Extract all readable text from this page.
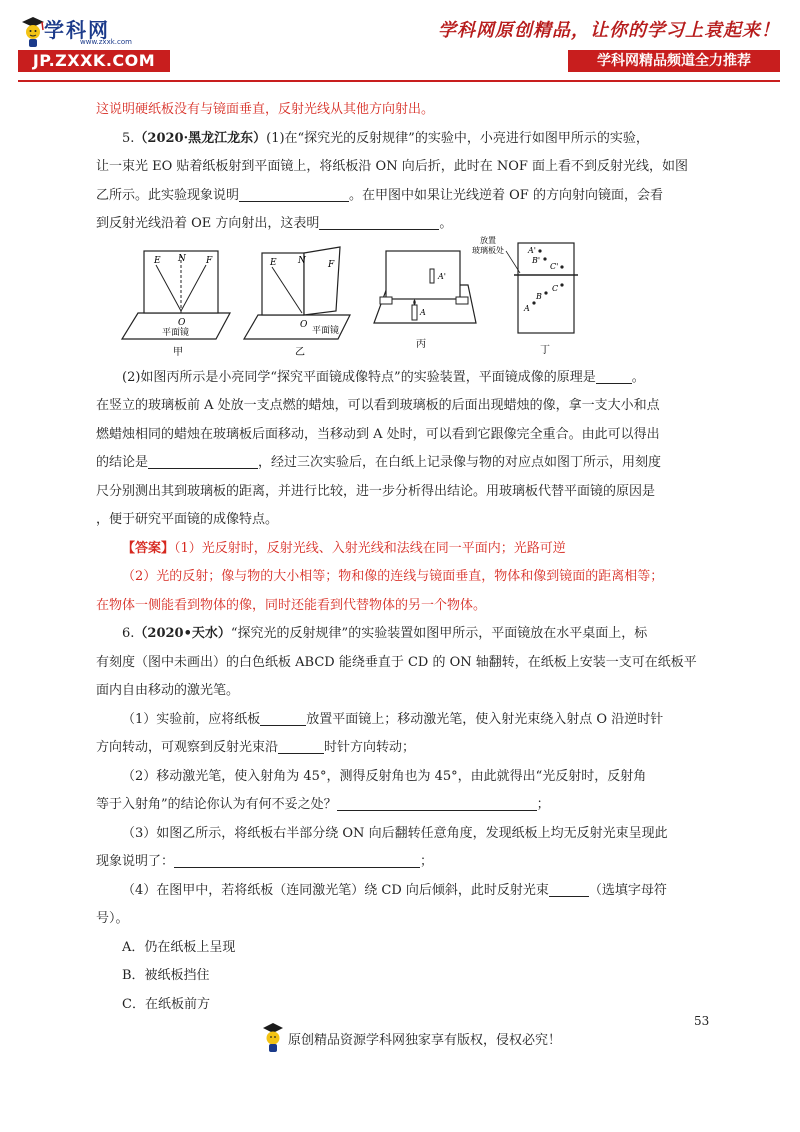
学科网
www.zxxk.com
JP.ZXXK.COM
学科网原创精品，让你的学习上袁起来！
学科网精品频道全力推荐

这说明硬纸板没有与镜面垂直，反射光线从其他方向射出。

5.（2020·黑龙江龙东）(1)在“探究光的反射规律”的实验中，小亮进行如图甲所示的实验，

让一束光 EO 贴着纸板射到平面镜上，将纸板沿 ON 向后折，此时在 NOF 面上看不到反射光线，如图

乙所示。此实验现象说明	。在甲图中如果让光线逆着 OF 的方向射向镜面，会看

到反射光线沿着 OE 方向射出，这表明	。

E N F
O
平面镜
甲
E N F
O
平面镜
乙
A'
A
丙
放置玻璃板处	A'
B'
C'
C
B
A
丁

(2)如图丙所示是小亮同学“探究平面镜成像特点”的实验装置，平面镜成像的原理是	。

在竖立的玻璃板前 A 处放一支点燃的蜡烛，可以看到玻璃板的后面出现蜡烛的像，拿一支大小和点

燃蜡烛相同的蜡烛在玻璃板后面移动，当移动到 A 处时，可以看到它跟像完全重合。由此可以得出

的结论是	，经过三次实验后，在白纸上记录像与物的对应点如图丁所示，用刻度

尺分别测出其到玻璃板的距离，并进行比较，进一步分析得出结论。用玻璃板代替平面镜的原因是

，便于研究平面镜的成像特点。

【答案】（1）光反射时，反射光线、入射光线和法线在同一平面内；光路可逆

（2）光的反射；像与物的大小相等；物和像的连线与镜面垂直，物体和像到镜面的距离相等；

在物体一侧能看到物体的像，同时还能看到代替物体的另一个物体。

6.（2020•天水）“探究光的反射规律”的实验装置如图甲所示，平面镜放在水平桌面上，标

有刻度（图中未画出）的白色纸板 ABCD 能绕垂直于 CD 的 ON 轴翻转，在纸板上安装一支可在纸板平

面内自由移动的激光笔。

（1）实验前，应将纸板	放置平面镜上；移动激光笔，使入射光束绕入射点 O 沿逆时针

方向转动，可观察到反射光束沿	时针方向转动；

（2）移动激光笔，使入射角为 45°，测得反射角也为 45°，由此就得出“光反射时，反射角

等于入射角”的结论你认为有何不妥之处？	；

（3）如图乙所示，将纸板右半部分绕 ON 向后翻转任意角度，发现纸板上均无反射光束呈现此

现象说明了：	；

（4）在图甲中，若将纸板（连同激光笔）绕 CD 向后倾斜，此时反射光束	（选填字母符

号）。

A．仍在纸板上呈现

B．被纸板挡住

C．在纸板前方

53
原创精品资源学科网独家享有版权，侵权必究！
